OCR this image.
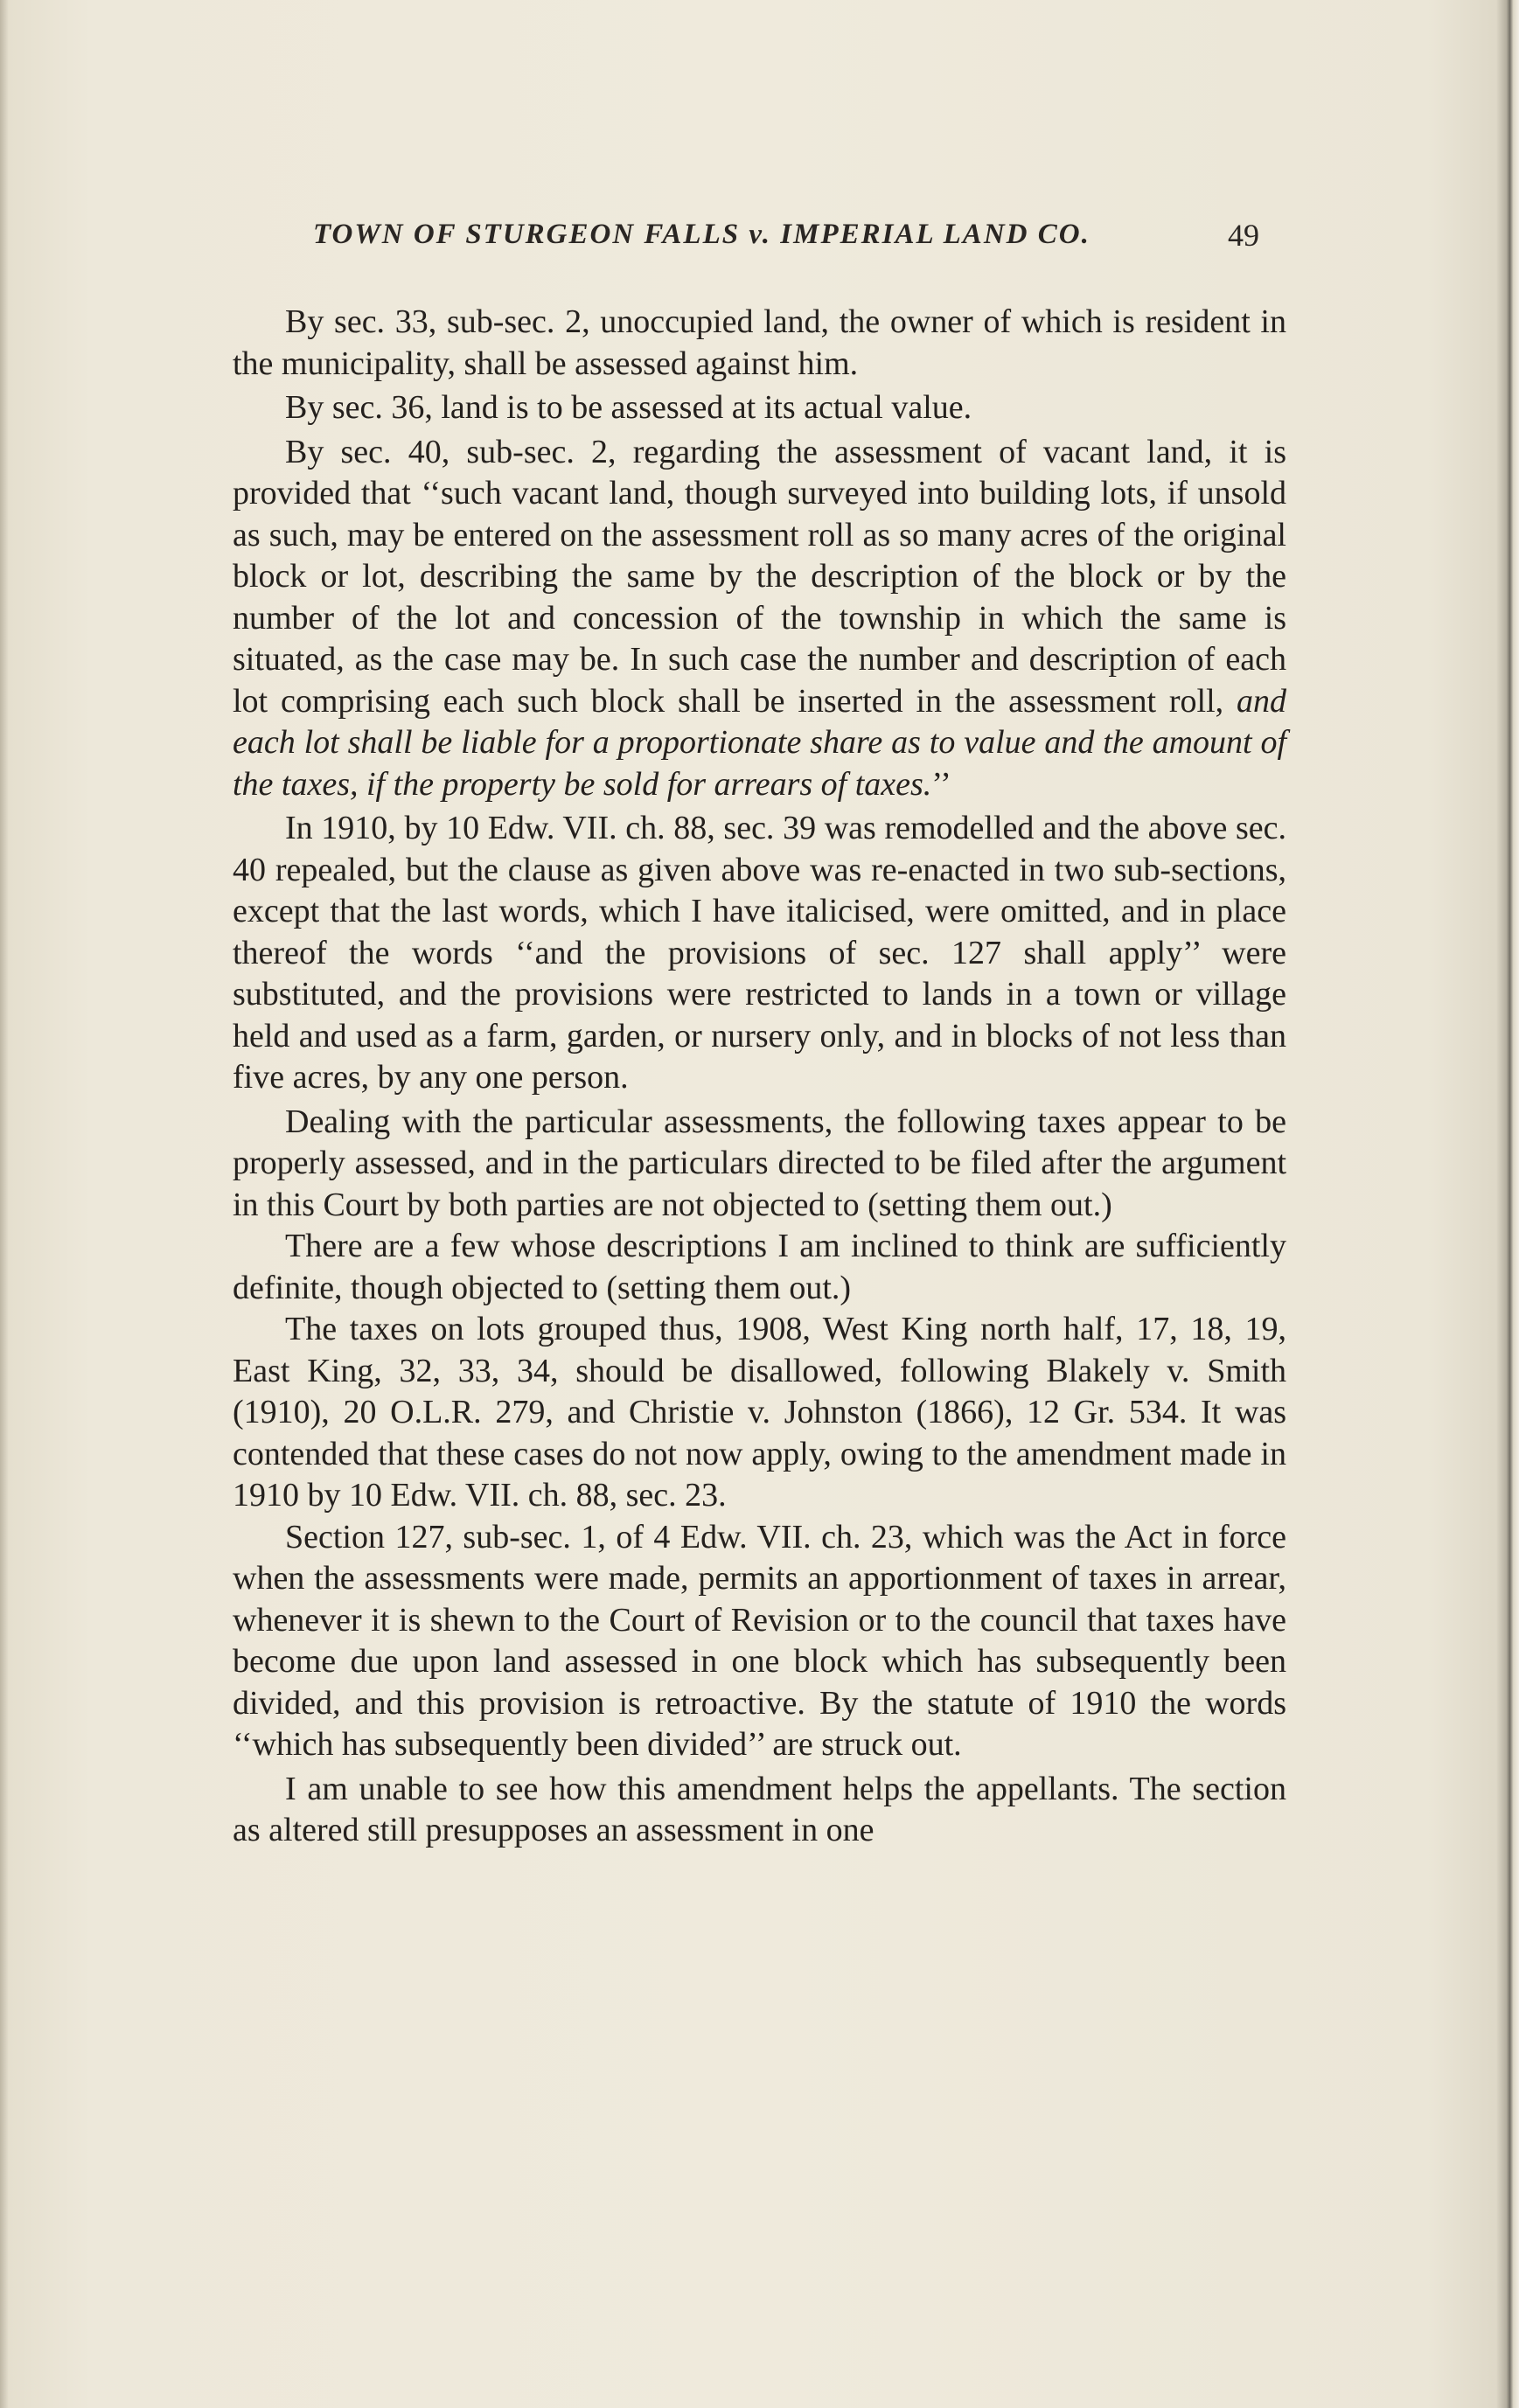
TOWN OF STURGEON FALLS v. IMPERIAL LAND CO.	49

By sec. 33, sub-sec. 2, unoccupied land, the owner of which is resident in the municipality, shall be assessed against him.

By sec. 36, land is to be assessed at its actual value.

By sec. 40, sub-sec. 2, regarding the assessment of vacant land, it is provided that ‘‘such vacant land, though surveyed into building lots, if unsold as such, may be entered on the assessment roll as so many acres of the original block or lot, describing the same by the description of the block or by the number of the lot and concession of the township in which the same is situated, as the case may be. In such case the number and description of each lot comprising each such block shall be inserted in the assessment roll, and each lot shall be liable for a proportionate share as to value and the amount of the taxes, if the property be sold for arrears of taxes.’’

In 1910, by 10 Edw. VII. ch. 88, sec. 39 was remodelled and the above sec. 40 repealed, but the clause as given above was re-enacted in two sub-sections, except that the last words, which I have italicised, were omitted, and in place thereof the words ‘‘and the provisions of sec. 127 shall apply’’ were substituted, and the provisions were restricted to lands in a town or village held and used as a farm, garden, or nursery only, and in blocks of not less than five acres, by any one person.

Dealing with the particular assessments, the following taxes appear to be properly assessed, and in the particulars directed to be filed after the argument in this Court by both parties are not objected to (setting them out.)

There are a few whose descriptions I am inclined to think are sufficiently definite, though objected to (setting them out.)

The taxes on lots grouped thus, 1908, West King north half, 17, 18, 19, East King, 32, 33, 34, should be disallowed, following Blakely v. Smith (1910), 20 O.L.R. 279, and Christie v. Johnston (1866), 12 Gr. 534. It was contended that these cases do not now apply, owing to the amendment made in 1910 by 10 Edw. VII. ch. 88, sec. 23.

Section 127, sub-sec. 1, of 4 Edw. VII. ch. 23, which was the Act in force when the assessments were made, permits an apportionment of taxes in arrear, whenever it is shewn to the Court of Revision or to the council that taxes have become due upon land assessed in one block which has subsequently been divided, and this provision is retroactive. By the statute of 1910 the words ‘‘which has subsequently been divided’’ are struck out.

I am unable to see how this amendment helps the appellants. The section as altered still presupposes an assessment in one
